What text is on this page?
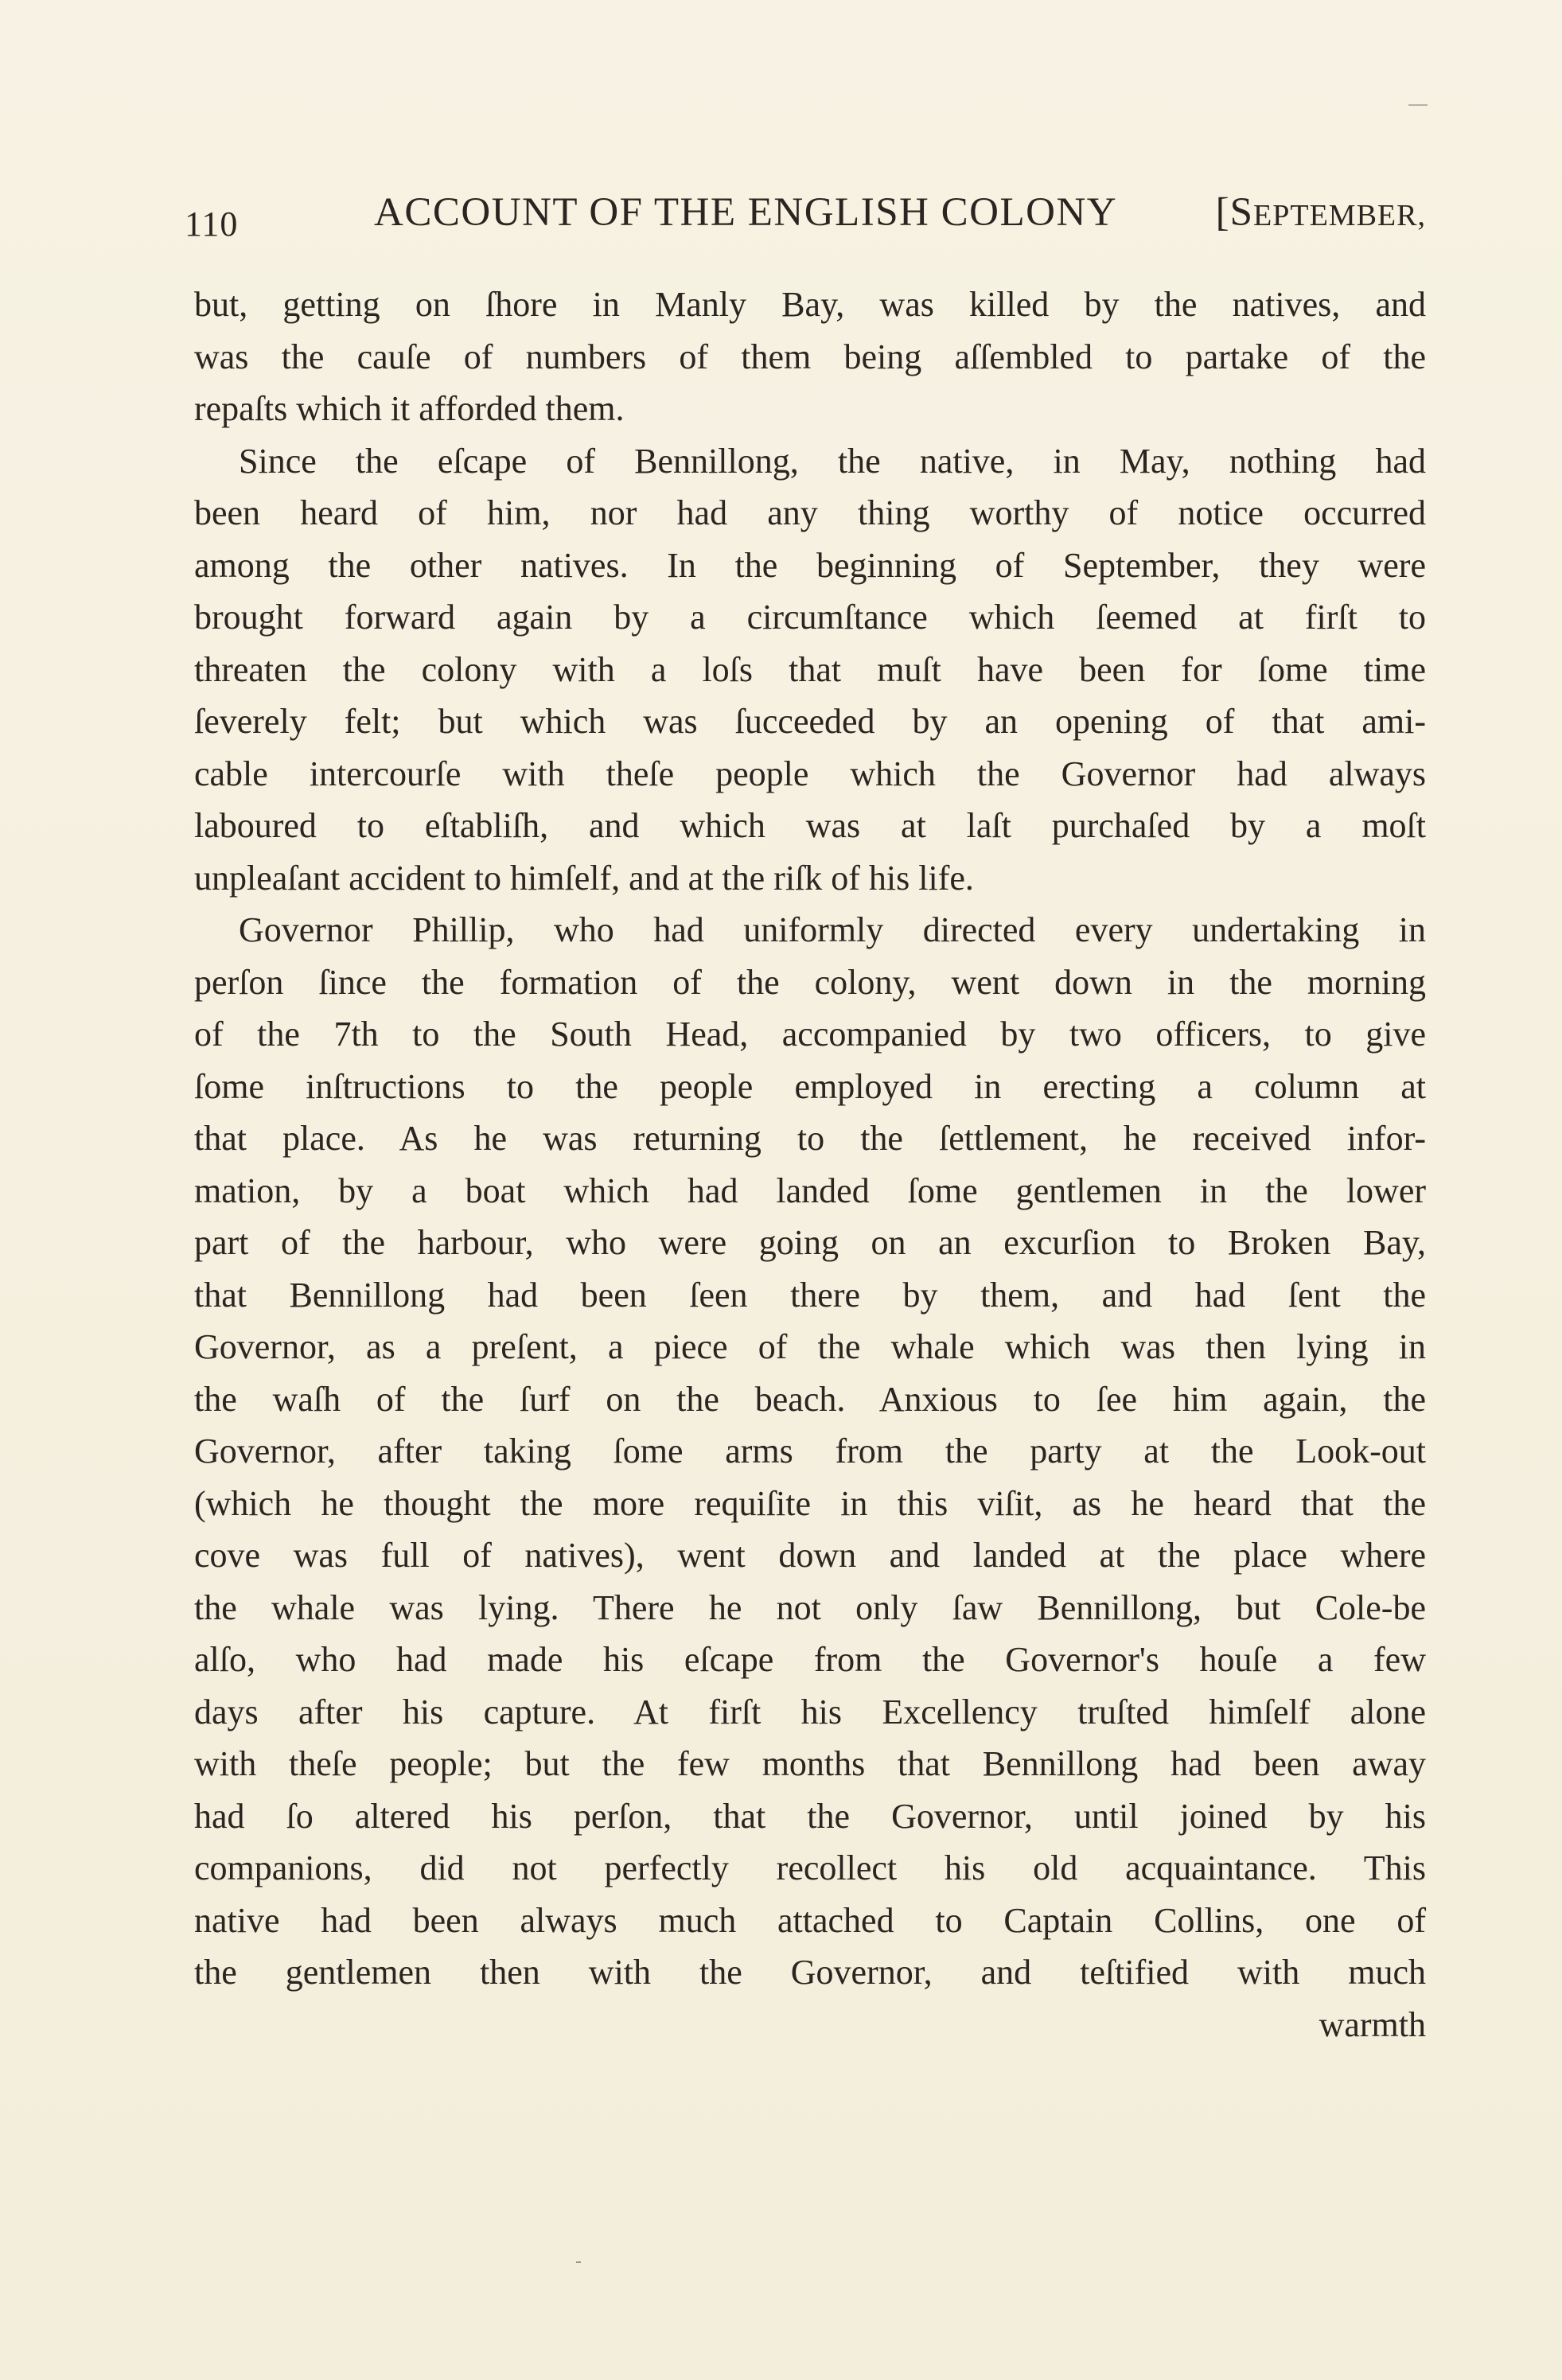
110	ACCOUNT OF THE ENGLISH COLONY [SEPTEMBER,
but, getting on ſhore in Manly Bay, was killed by the natives, and
was the cauſe of numbers of them being aſſembled to partake of the
repaſts which it afforded them.
Since the eſcape of Bennillong, the native, in May, nothing had
been heard of him, nor had any thing worthy of notice occurred
among the other natives. In the beginning of September, they were
brought forward again by a circumſtance which ſeemed at firſt to
threaten the colony with a loſs that muſt have been for ſome time
ſeverely felt; but which was ſucceeded by an opening of that ami-
cable intercourſe with theſe people which the Governor had always
laboured to eſtabliſh, and which was at laſt purchaſed by a moſt
unpleaſant accident to himſelf, and at the riſk of his life.
Governor Phillip, who had uniformly directed every undertaking in
perſon ſince the formation of the colony, went down in the morning
of the 7th to the South Head, accompanied by two officers, to give
ſome inſtructions to the people employed in erecting a column at
that place. As he was returning to the ſettlement, he received infor-
mation, by a boat which had landed ſome gentlemen in the lower
part of the harbour, who were going on an excurſion to Broken Bay,
that Bennillong had been ſeen there by them, and had ſent the
Governor, as a preſent, a piece of the whale which was then lying in
the waſh of the ſurf on the beach. Anxious to ſee him again, the
Governor, after taking ſome arms from the party at the Look-out
(which he thought the more requiſite in this viſit, as he heard that the
cove was full of natives), went down and landed at the place where
the whale was lying. There he not only ſaw Bennillong, but Cole-be
alſo, who had made his eſcape from the Governor's houſe a few
days after his capture. At firſt his Excellency truſted himſelf alone
with theſe people; but the few months that Bennillong had been away
had ſo altered his perſon, that the Governor, until joined by his
companions, did not perfectly recollect his old acquaintance. This
native had been always much attached to Captain Collins, one of
the gentlemen then with the Governor, and teſtified with much
warmth
